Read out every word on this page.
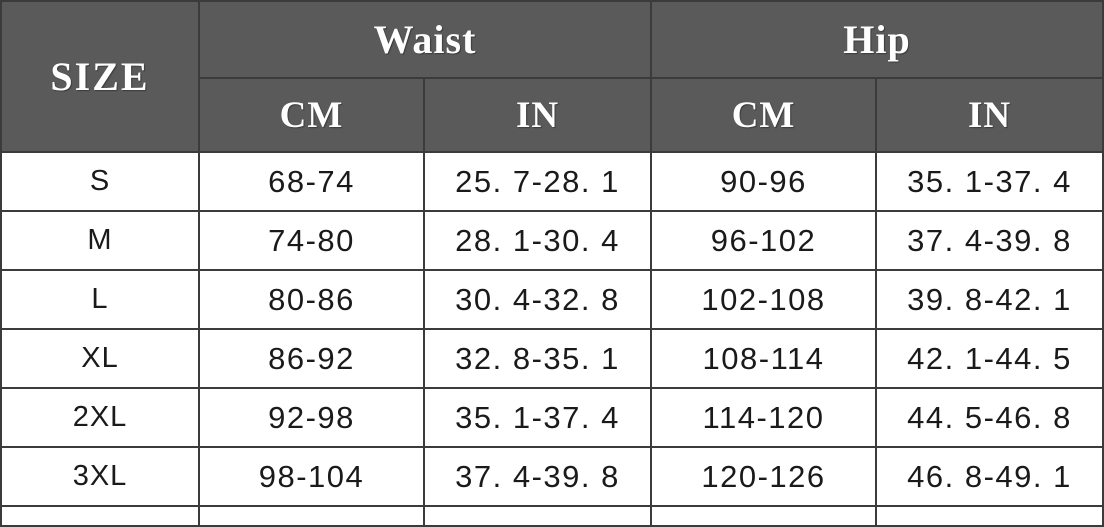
SIZE	Waist		Hip	
	CM	IN	CM	IN
S	68-74	25. 7-28. 1	90-96	35. 1-37. 4
M	74-80	28. 1-30. 4	96-102	37. 4-39. 8
L	80-86	30. 4-32. 8	102-108	39. 8-42. 1
XL	86-92	32. 8-35. 1	108-114	42. 1-44. 5
2XL	92-98	35. 1-37. 4	114-120	44. 5-46. 8
3XL	98-104	37. 4-39. 8	120-126	46. 8-49. 1
